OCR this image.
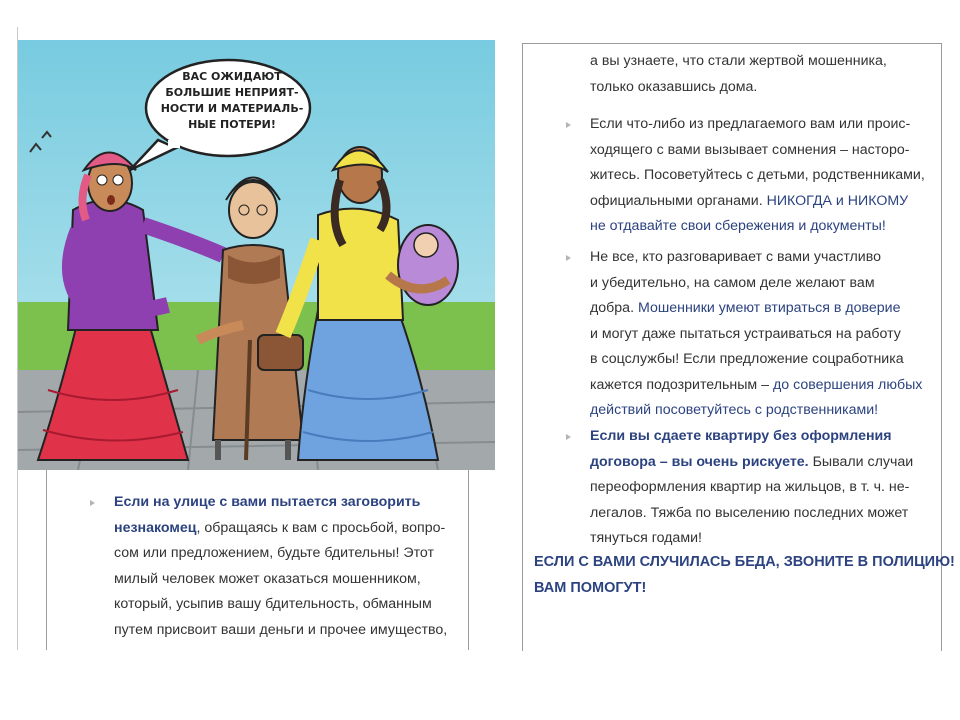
ВАС ОЖИДАЮТ
БОЛЬШИЕ НЕПРИЯТ-
НОСТИ И МАТЕРИАЛЬ-
НЫЕ ПОТЕРИ!

Если на улице с вами пытается заговорить
незнакомец, обращаясь к вам с просьбой, вопро-
сом или предложением, будьте бдительны! Этот
милый человек может оказаться мошенником,
который, усыпив вашу бдительность, обманным
путем присвоит ваши деньги и прочее имущество,

а вы узнаете, что стали жертвой мошенника,
только оказавшись дома.

Если что-либо из предлагаемого вам или проис-
ходящего с вами вызывает сомнения – насторо-
житесь. Посоветуйтесь с детьми, родственниками,
официальными органами. НИКОГДА и НИКОМУ
не отдавайте свои сбережения и документы!

Не все, кто разговаривает с вами участливо
и убедительно, на самом деле желают вам
добра. Мошенники умеют втираться в доверие
и могут даже пытаться устраиваться на работу
в соцслужбы! Если предложение соцработника
кажется подозрительным – до совершения любых
действий посоветуйтесь с родственниками!

Если вы сдаете квартиру без оформления
договора – вы очень рискуете. Бывали случаи
переоформления квартир на жильцов, в т. ч. не-
легалов. Тяжба по выселению последних может
тянуться годами!

ЕСЛИ С ВАМИ СЛУЧИЛАСЬ БЕДА, ЗВОНИТЕ В ПОЛИЦИЮ!
ВАМ ПОМОГУТ!
